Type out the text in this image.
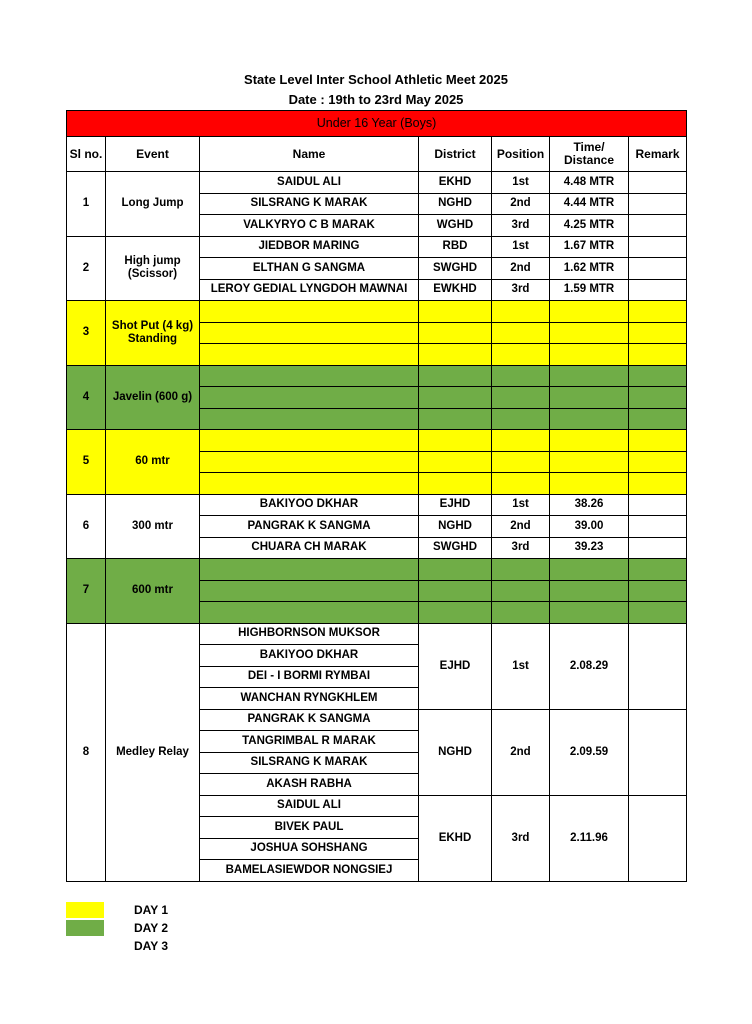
State Level Inter School Athletic Meet 2025
Date : 19th to 23rd May 2025
Under 16 Year (Boys)						
Sl no.	Event	Name	District	Position	Time/ Distance	Remark
1	Long Jump	SAIDUL ALI	EKHD	1st	4.48 MTR	
		SILSRANG K MARAK	NGHD	2nd	4.44 MTR	
		VALKYRYO C B MARAK	WGHD	3rd	4.25 MTR	
2	High jump (Scissor)	JIEDBOR MARING	RBD	1st	1.67 MTR	
		ELTHAN G SANGMA	SWGHD	2nd	1.62 MTR	
		LEROY GEDIAL LYNGDOH MAWNAI	EWKHD	3rd	1.59 MTR	
3	Shot Put (4 kg) Standing					

4	Javelin (600 g)					

5	60 mtr					

6	300 mtr	BAKIYOO DKHAR	EJHD	1st	38.26	
		PANGRAK K SANGMA	NGHD	2nd	39.00	
		CHUARA CH MARAK	SWGHD	3rd	39.23	
7	600 mtr					

8	Medley Relay	HIGHBORNSON MUKSOR	EJHD	1st	2.08.29	
		BAKIYOO DKHAR				
		DEI - I BORMI RYMBAI				
		WANCHAN RYNGKHLEM				
		PANGRAK K SANGMA	NGHD	2nd	2.09.59	
		TANGRIMBAL R MARAK				
		SILSRANG K MARAK				
		AKASH RABHA				
		SAIDUL ALI	EKHD	3rd	2.11.96	
		BIVEK PAUL				
		JOSHUA SOHSHANG				
		BAMELASIEWDOR NONGSIEJ				
DAY 1
DAY 2
DAY 3
